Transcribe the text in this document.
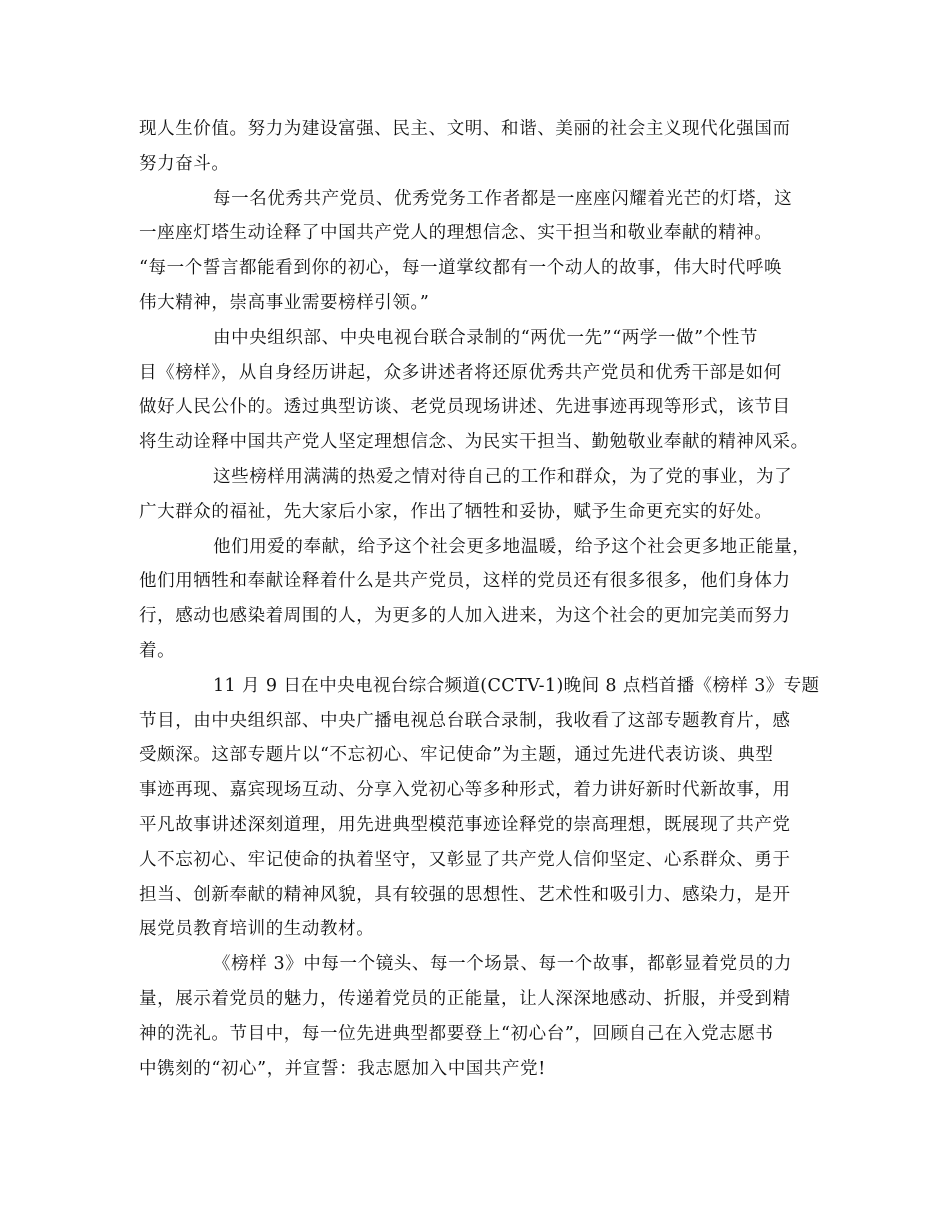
现人生价值。努力为建设富强、民主、文明、和谐、美丽的社会主义现代化强国而
努力奋斗。
每一名优秀共产党员、优秀党务工作者都是一座座闪耀着光芒的灯塔，这
一座座灯塔生动诠释了中国共产党人的理想信念、实干担当和敬业奉献的精神。
“每一个誓言都能看到你的初心，每一道掌纹都有一个动人的故事，伟大时代呼唤
伟大精神，崇高事业需要榜样引领。”
由中央组织部、中央电视台联合录制的“两优一先”“两学一做”个性节
目《榜样》，从自身经历讲起，众多讲述者将还原优秀共产党员和优秀干部是如何
做好人民公仆的。透过典型访谈、老党员现场讲述、先进事迹再现等形式，该节目
将生动诠释中国共产党人坚定理想信念、为民实干担当、勤勉敬业奉献的精神风采。
这些榜样用满满的热爱之情对待自己的工作和群众，为了党的事业，为了
广大群众的福祉，先大家后小家，作出了牺牲和妥协，赋予生命更充实的好处。
他们用爱的奉献，给予这个社会更多地温暖，给予这个社会更多地正能量，
他们用牺牲和奉献诠释着什么是共产党员，这样的党员还有很多很多，他们身体力
行，感动也感染着周围的人，为更多的人加入进来，为这个社会的更加完美而努力
着。
11 月 9 日在中央电视台综合频道(CCTV-1)晚间 8 点档首播《榜样 3》专题
节目，由中央组织部、中央广播电视总台联合录制，我收看了这部专题教育片，感
受颇深。这部专题片以“不忘初心、牢记使命”为主题，通过先进代表访谈、典型
事迹再现、嘉宾现场互动、分享入党初心等多种形式，着力讲好新时代新故事，用
平凡故事讲述深刻道理，用先进典型模范事迹诠释党的崇高理想，既展现了共产党
人不忘初心、牢记使命的执着坚守，又彰显了共产党人信仰坚定、心系群众、勇于
担当、创新奉献的精神风貌，具有较强的思想性、艺术性和吸引力、感染力，是开
展党员教育培训的生动教材。
《榜样 3》中每一个镜头、每一个场景、每一个故事，都彰显着党员的力
量，展示着党员的魅力，传递着党员的正能量，让人深深地感动、折服，并受到精
神的洗礼。节目中，每一位先进典型都要登上“初心台”，回顾自己在入党志愿书
中镌刻的“初心”，并宣誓：我志愿加入中国共产党!
